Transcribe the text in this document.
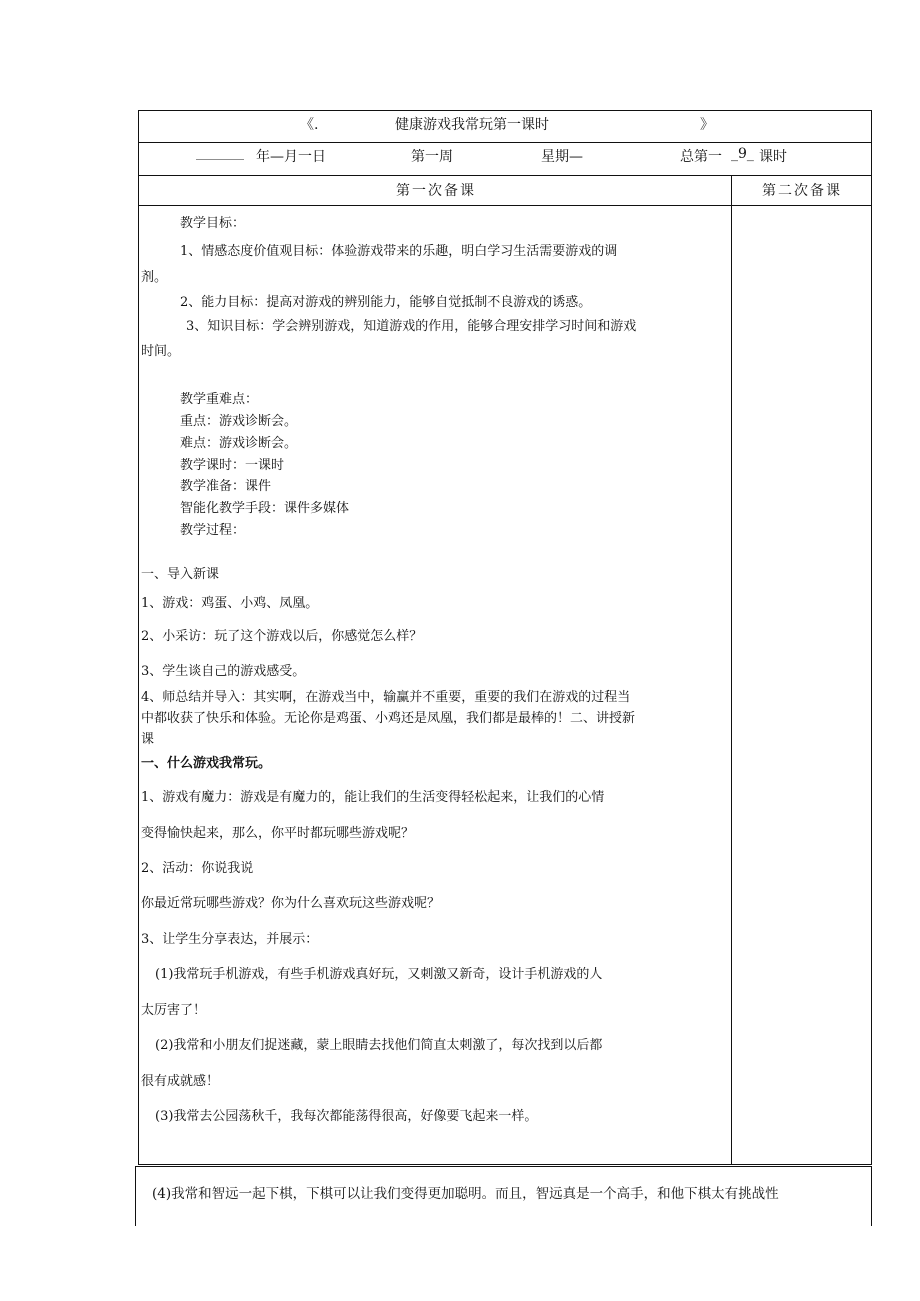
《.	健康游戏我常玩第一课时	》
________ 年—月一日	第一周	星期—	总第一 _9_ 课时
第一次备课	第二次备课
教学目标：
1、情感态度价值观目标：体验游戏带来的乐趣，明白学习生活需要游戏的调
剂。
2、能力目标：提高对游戏的辨别能力，能够自觉抵制不良游戏的诱惑。
3、知识目标：学会辨别游戏，知道游戏的作用，能够合理安排学习时间和游戏
时间。
教学重难点：
重点：游戏诊断会。
难点：游戏诊断会。
教学课时：一课时
教学准备：课件
智能化教学手段：课件多媒体
教学过程：
一、导入新课
1、游戏：鸡蛋、小鸡、凤凰。
2、小采访：玩了这个游戏以后，你感觉怎么样？
3、学生谈自己的游戏感受。
4、师总结并导入：其实啊，在游戏当中，输赢并不重要，重要的我们在游戏的过程当
中都收获了快乐和体验。无论你是鸡蛋、小鸡还是凤凰，我们都是最棒的！二、讲授新
课
一、什么游戏我常玩。
1、游戏有魔力：游戏是有魔力的，能让我们的生活变得轻松起来，让我们的心情
变得愉快起来，那么，你平时都玩哪些游戏呢？
2、活动：你说我说
你最近常玩哪些游戏？你为什么喜欢玩这些游戏呢？
3、让学生分享表达，并展示：
(1)我常玩手机游戏，有些手机游戏真好玩，又刺激又新奇，设计手机游戏的人
太厉害了！
(2)我常和小朋友们捉迷藏，蒙上眼睛去找他们简直太刺激了，每次找到以后都
很有成就感！
(3)我常去公园荡秋千，我每次都能荡得很高，好像要飞起来一样。
(4)我常和智远一起下棋，下棋可以让我们变得更加聪明。而且，智远真是一个高手，和他下棋太有挑战性
